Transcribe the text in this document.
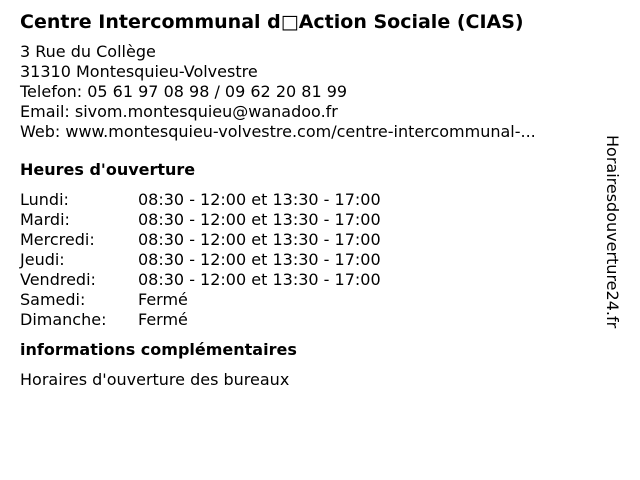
Centre Intercommunal d□Action Sociale (CIAS)
3 Rue du Collège
31310 Montesquieu-Volvestre
Telefon: 05 61 97 08 98 / 09 62 20 81 99
Email: sivom.montesquieu@wanadoo.fr
Web: www.montesquieu-volvestre.com/centre-intercommunal-...
Heures d'ouverture
Lundi:	08:30 - 12:00 et 13:30 - 17:00
Mardi:	08:30 - 12:00 et 13:30 - 17:00
Mercredi:	08:30 - 12:00 et 13:30 - 17:00
Jeudi:	08:30 - 12:00 et 13:30 - 17:00
Vendredi:	08:30 - 12:00 et 13:30 - 17:00
Samedi:	Fermé
Dimanche:	Fermé
informations complémentaires
Horaires d'ouverture des bureaux
Horairesdouverture24.fr
